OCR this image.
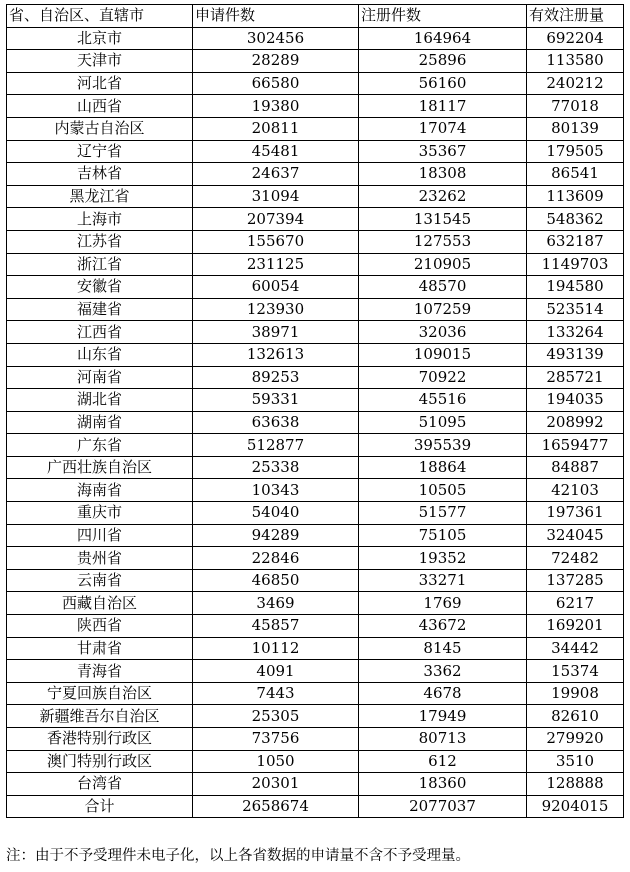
省、自治区、直辖市	申请件数	注册件数	有效注册量
北京市	302456	164964	692204
天津市	28289	25896	113580
河北省	66580	56160	240212
山西省	19380	18117	77018
内蒙古自治区	20811	17074	80139
辽宁省	45481	35367	179505
吉林省	24637	18308	86541
黑龙江省	31094	23262	113609
上海市	207394	131545	548362
江苏省	155670	127553	632187
浙江省	231125	210905	1149703
安徽省	60054	48570	194580
福建省	123930	107259	523514
江西省	38971	32036	133264
山东省	132613	109015	493139
河南省	89253	70922	285721
湖北省	59331	45516	194035
湖南省	63638	51095	208992
广东省	512877	395539	1659477
广西壮族自治区	25338	18864	84887
海南省	10343	10505	42103
重庆市	54040	51577	197361
四川省	94289	75105	324045
贵州省	22846	19352	72482
云南省	46850	33271	137285
西藏自治区	3469	1769	6217
陕西省	45857	43672	169201
甘肃省	10112	8145	34442
青海省	4091	3362	15374
宁夏回族自治区	7443	4678	19908
新疆维吾尔自治区	25305	17949	82610
香港特别行政区	73756	80713	279920
澳门特别行政区	1050	612	3510
台湾省	20301	18360	128888
合计	2658674	2077037	9204015
注：由于不予受理件未电子化，以上各省数据的申请量不含不予受理量。
